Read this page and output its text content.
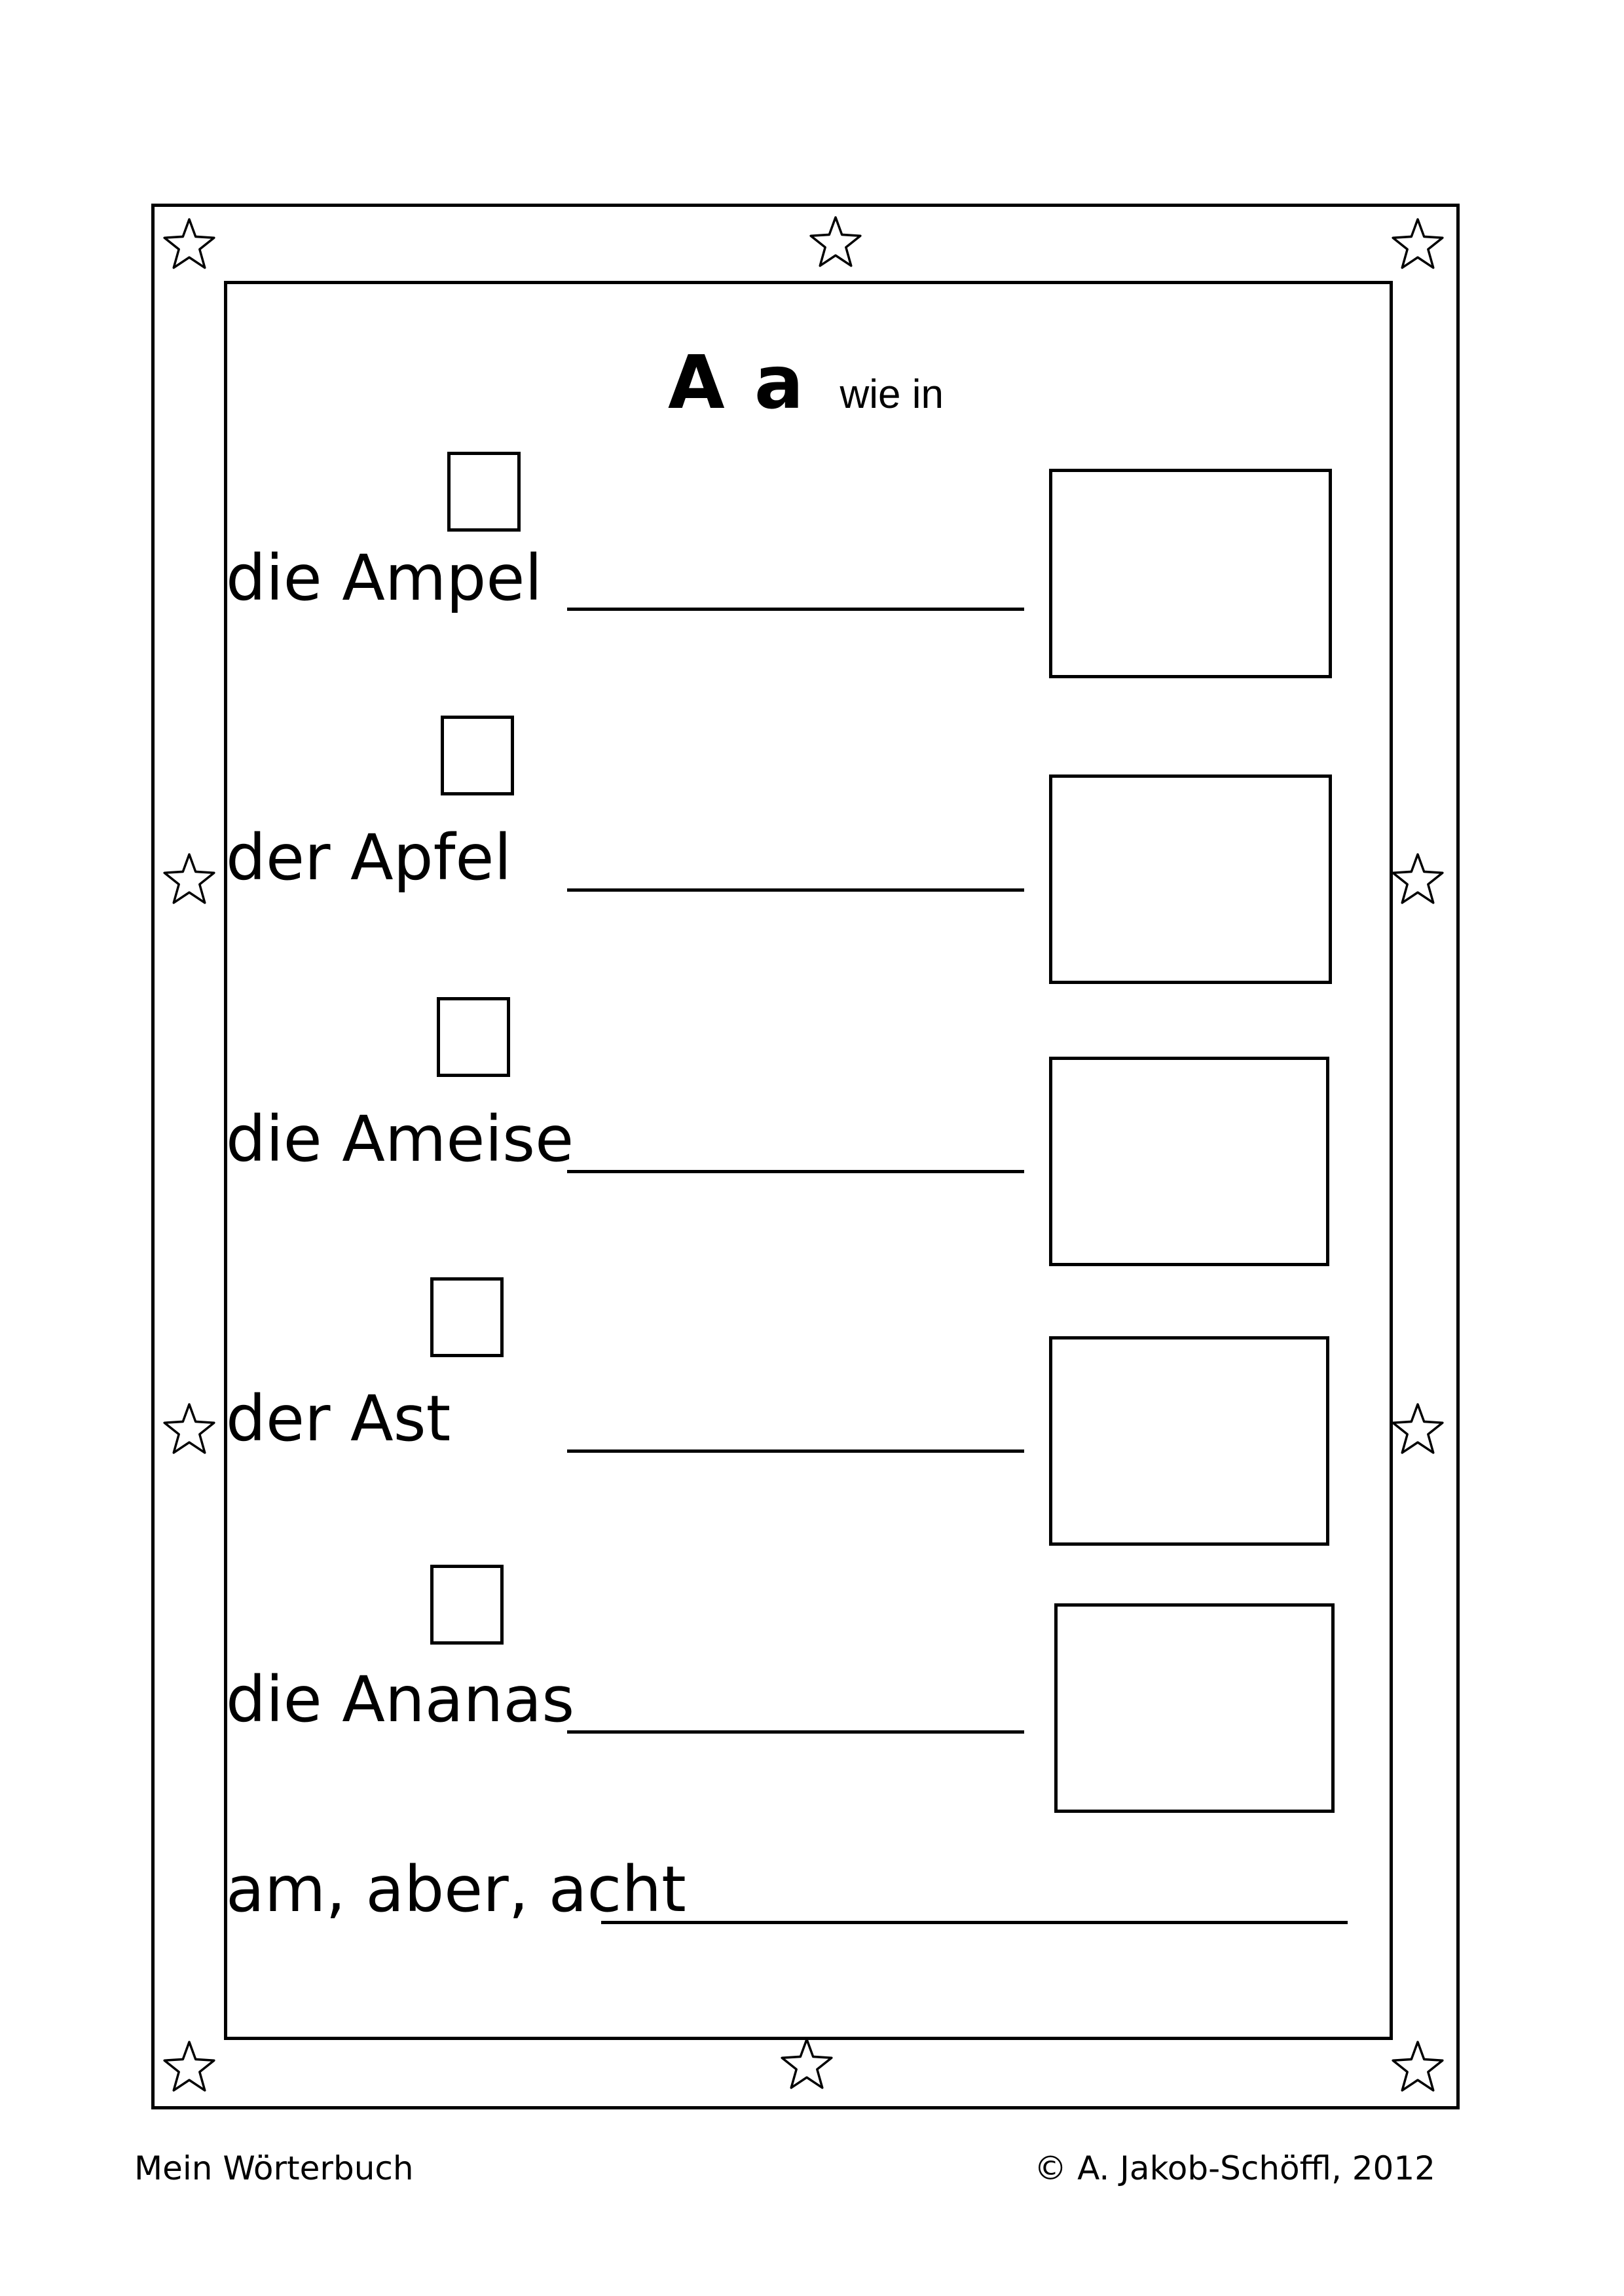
A a wie in
die Ampel
der Apfel
die Ameise
der Ast
die Ananas
am, aber, acht
Mein Wörterbuch	© A. Jakob-Schöffl, 2012
